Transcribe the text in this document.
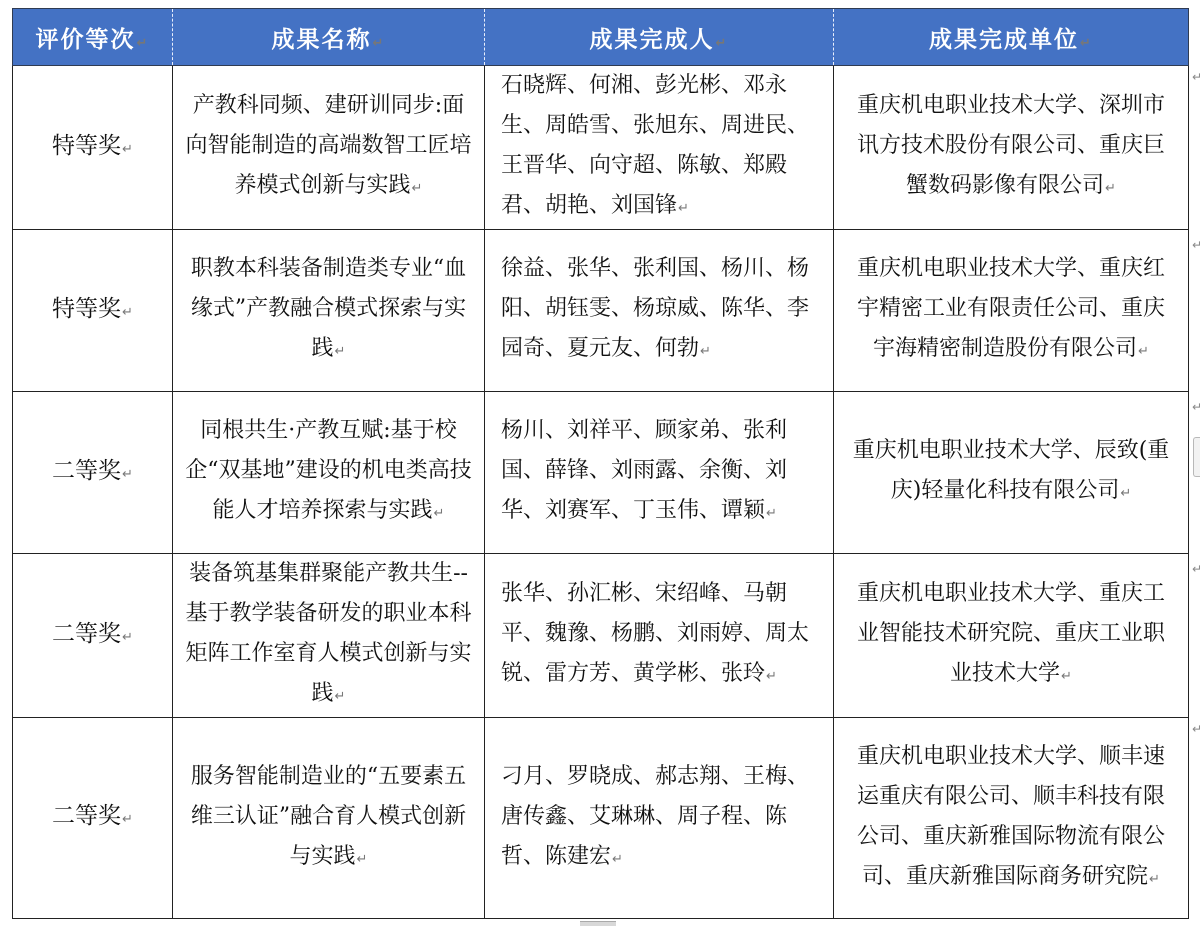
评价等次↵	成果名称↵	成果完成人↵	成果完成单位↵
特等奖↵	产教科同频、建研训同步:面向智能制造的高端数智工匠培养模式创新与实践↵	石晓辉、何湘、彭光彬、邓永生、周皓雪、张旭东、周进民、王晋华、向守超、陈敏、郑殿君、胡艳、刘国锋↵	重庆机电职业技术大学、深圳市讯方技术股份有限公司、重庆巨蟹数码影像有限公司↵
特等奖↵	职教本科装备制造类专业“血缘式”产教融合模式探索与实践↵	徐益、张华、张利国、杨川、杨阳、胡钰雯、杨琼威、陈华、李园奇、夏元友、何勃↵	重庆机电职业技术大学、重庆红宇精密工业有限责任公司、重庆宇海精密制造股份有限公司↵
二等奖↵	同根共生·产教互赋:基于校企“双基地”建设的机电类高技能人才培养探索与实践↵	杨川、刘祥平、顾家弟、张利国、薛锋、刘雨露、余衡、刘华、刘赛军、丁玉伟、谭颖↵	重庆机电职业技术大学、辰致(重庆)轻量化科技有限公司↵
二等奖↵	装备筑基集群聚能产教共生--基于教学装备研发的职业本科矩阵工作室育人模式创新与实践↵	张华、孙汇彬、宋绍峰、马朝平、魏豫、杨鹏、刘雨婷、周太锐、雷方芳、黄学彬、张玲↵	重庆机电职业技术大学、重庆工业智能技术研究院、重庆工业职业技术大学↵
二等奖↵	服务智能制造业的“五要素五维三认证”融合育人模式创新与实践↵	刁月、罗晓成、郝志翔、王梅、唐传鑫、艾琳琳、周子程、陈哲、陈建宏↵	重庆机电职业技术大学、顺丰速运重庆有限公司、顺丰科技有限公司、重庆新雅国际物流有限公司、重庆新雅国际商务研究院↵
↵
↵
↵
↵
↵
